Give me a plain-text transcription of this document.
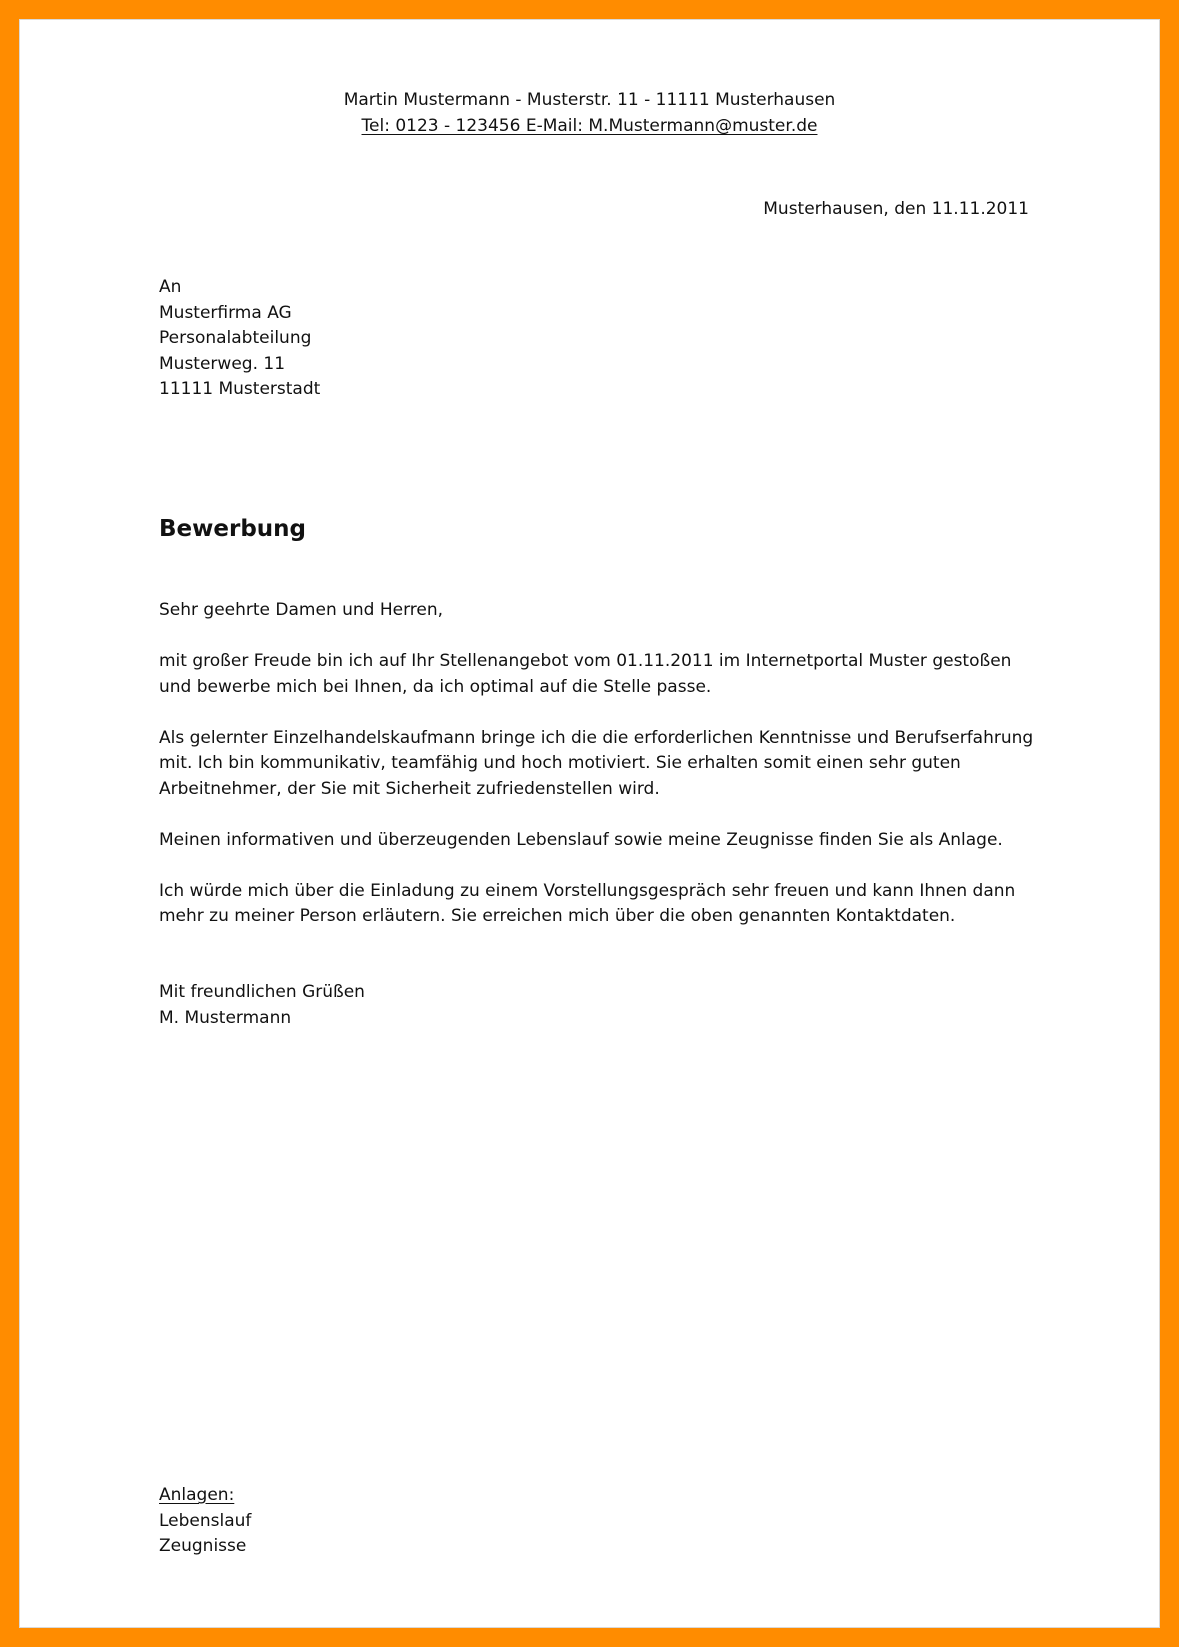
Martin Mustermann - Musterstr. 11 - 11111 Musterhausen
Tel: 0123 - 123456 E-Mail: M.Mustermann@muster.de
Musterhausen, den 11.11.2011
An
Musterfirma AG
Personalabteilung
Musterweg. 11
11111 Musterstadt
Bewerbung
Sehr geehrte Damen und Herren,

mit großer Freude bin ich auf Ihr Stellenangebot vom 01.11.2011 im Internetportal Muster gestoßen und bewerbe mich bei Ihnen, da ich optimal auf die Stelle passe.

Als gelernter Einzelhandelskaufmann bringe ich die die erforderlichen Kenntnisse und Berufserfahrung mit. Ich bin kommunikativ, teamfähig und hoch motiviert. Sie erhalten somit einen sehr guten Arbeitnehmer, der Sie mit Sicherheit zufriedenstellen wird.

Meinen informativen und überzeugenden Lebenslauf sowie meine Zeugnisse finden Sie als Anlage.

Ich würde mich über die Einladung zu einem Vorstellungsgespräch sehr freuen und kann Ihnen dann mehr zu meiner Person erläutern. Sie erreichen mich über die oben genannten Kontaktdaten.

Mit freundlichen Grüßen
M. Mustermann
Anlagen:
Lebenslauf
Zeugnisse
